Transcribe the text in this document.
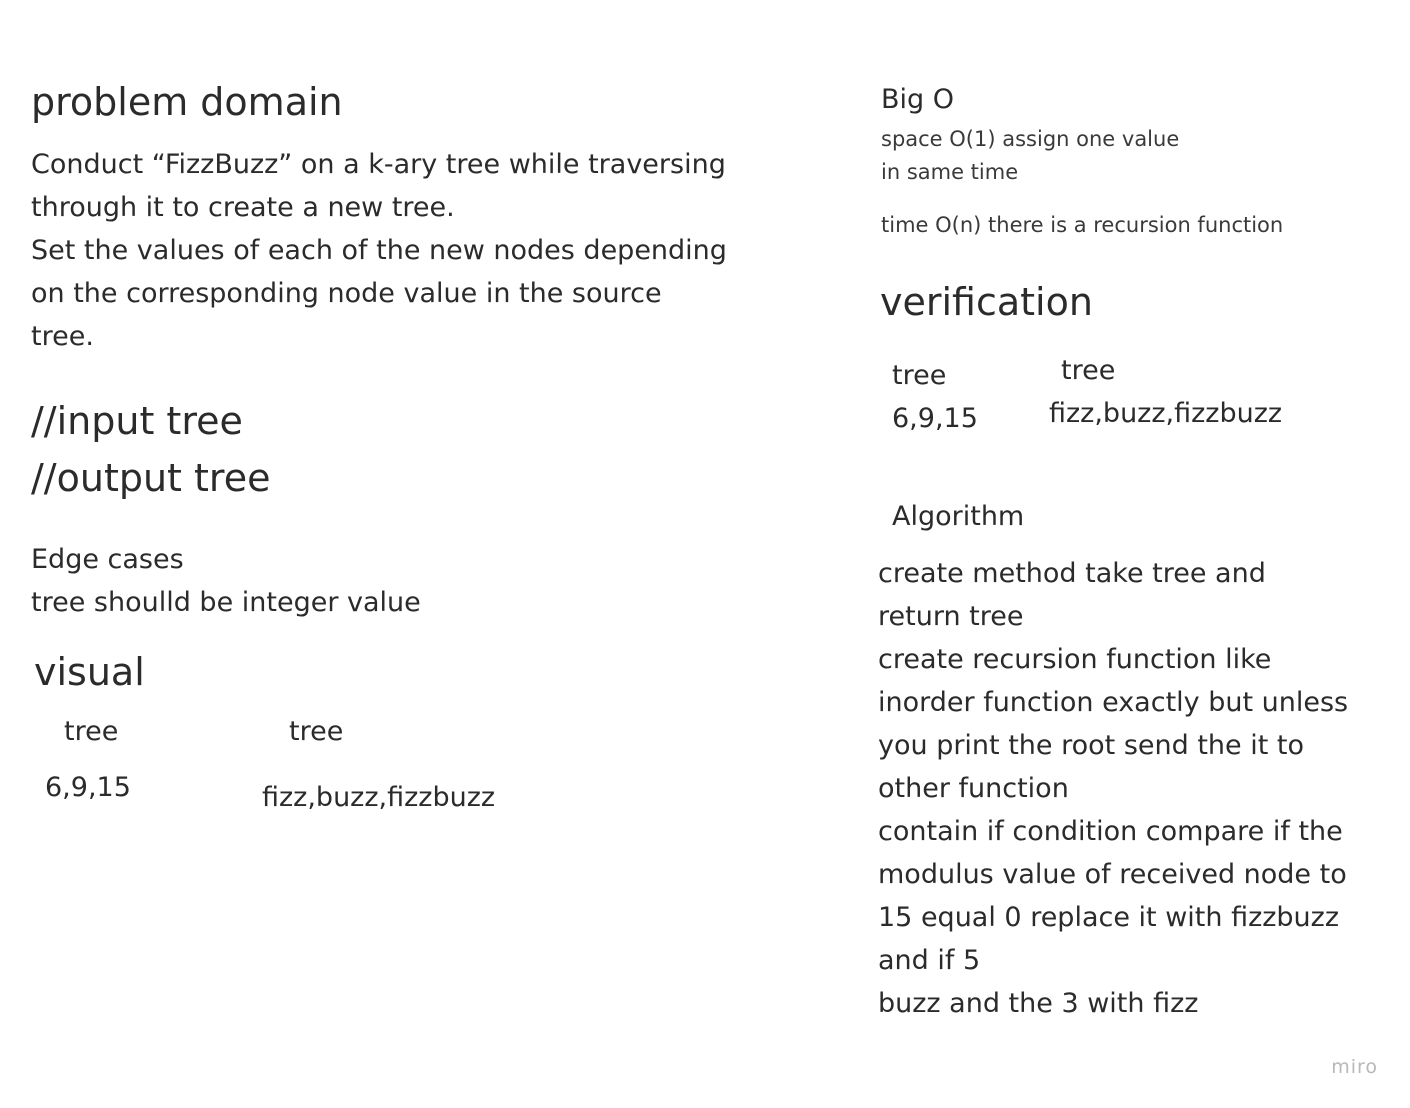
problem domain
Conduct “FizzBuzz” on a k-ary tree while traversing
through it to create a new tree.
Set the values of each of the new nodes depending
on the corresponding node value in the source
tree.
//input tree
//output tree
Edge cases
tree shoulld be integer value
visual
tree	tree
6,9,15	fizz,buzz,fizzbuzz
Big O
space O(1) assign one value
in same time
time O(n) there is a recursion function
verification
tree	tree
6,9,15	fizz,buzz,fizzbuzz
Algorithm
create method take tree and
return tree
create recursion function like
inorder function exactly but unless
you print the root send the it to
other function
contain if condition compare if the
modulus value of received node to
15 equal 0 replace it with fizzbuzz
and if 5
buzz and the 3 with fizz
miro
